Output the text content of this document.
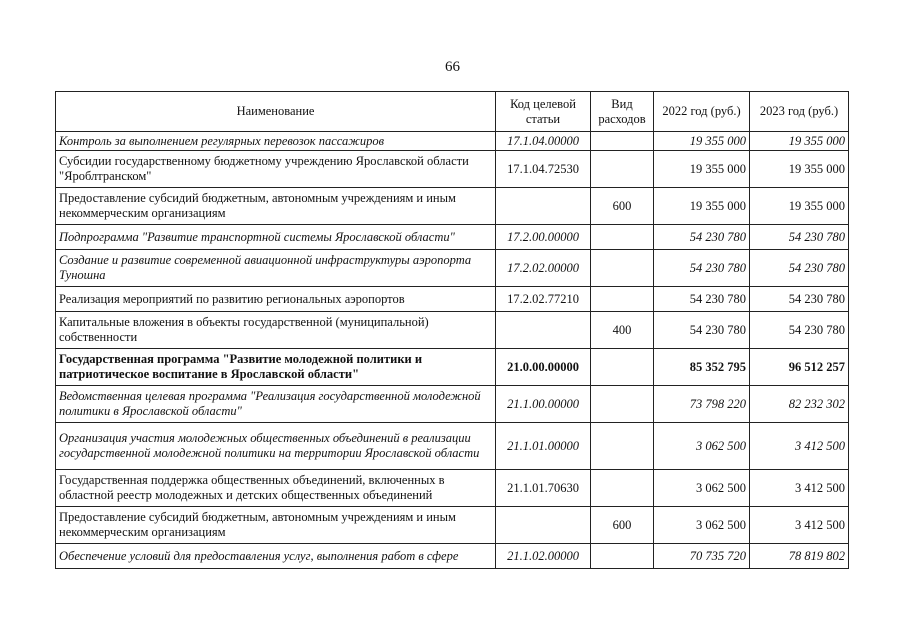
66
Наименование	Код целевой статьи	Вид расходов	2022 год (руб.)	2023 год (руб.)
Контроль за выполнением регулярных перевозок пассажиров	17.1.04.00000		19 355 000	19 355 000
Субсидии государственному бюджетному учреждению Ярославской области "Яроблтранском"	17.1.04.72530		19 355 000	19 355 000
Предоставление субсидий бюджетным, автономным учреждениям и иным некоммерческим организациям		600	19 355 000	19 355 000
Подпрограмма "Развитие транспортной системы Ярославской области"	17.2.00.00000		54 230 780	54 230 780
Создание и развитие современной авиационной инфраструктуры аэропорта Туношна	17.2.02.00000		54 230 780	54 230 780
Реализация мероприятий по развитию региональных аэропортов	17.2.02.77210		54 230 780	54 230 780
Капитальные вложения в объекты государственной (муниципальной) собственности		400	54 230 780	54 230 780
Государственная программа "Развитие молодежной политики и патриотическое воспитание в Ярославской области"	21.0.00.00000		85 352 795	96 512 257
Ведомственная целевая программа "Реализация государственной молодежной политики в Ярославской области"	21.1.00.00000		73 798 220	82 232 302
Организация участия молодежных общественных объединений в реализации государственной молодежной политики на территории Ярославской области	21.1.01.00000		3 062 500	3 412 500
Государственная поддержка общественных объединений, включенных в областной реестр молодежных и детских общественных объединений	21.1.01.70630		3 062 500	3 412 500
Предоставление субсидий бюджетным, автономным учреждениям и иным некоммерческим организациям		600	3 062 500	3 412 500
Обеспечение условий для предоставления услуг, выполнения работ в сфере	21.1.02.00000		70 735 720	78 819 802
